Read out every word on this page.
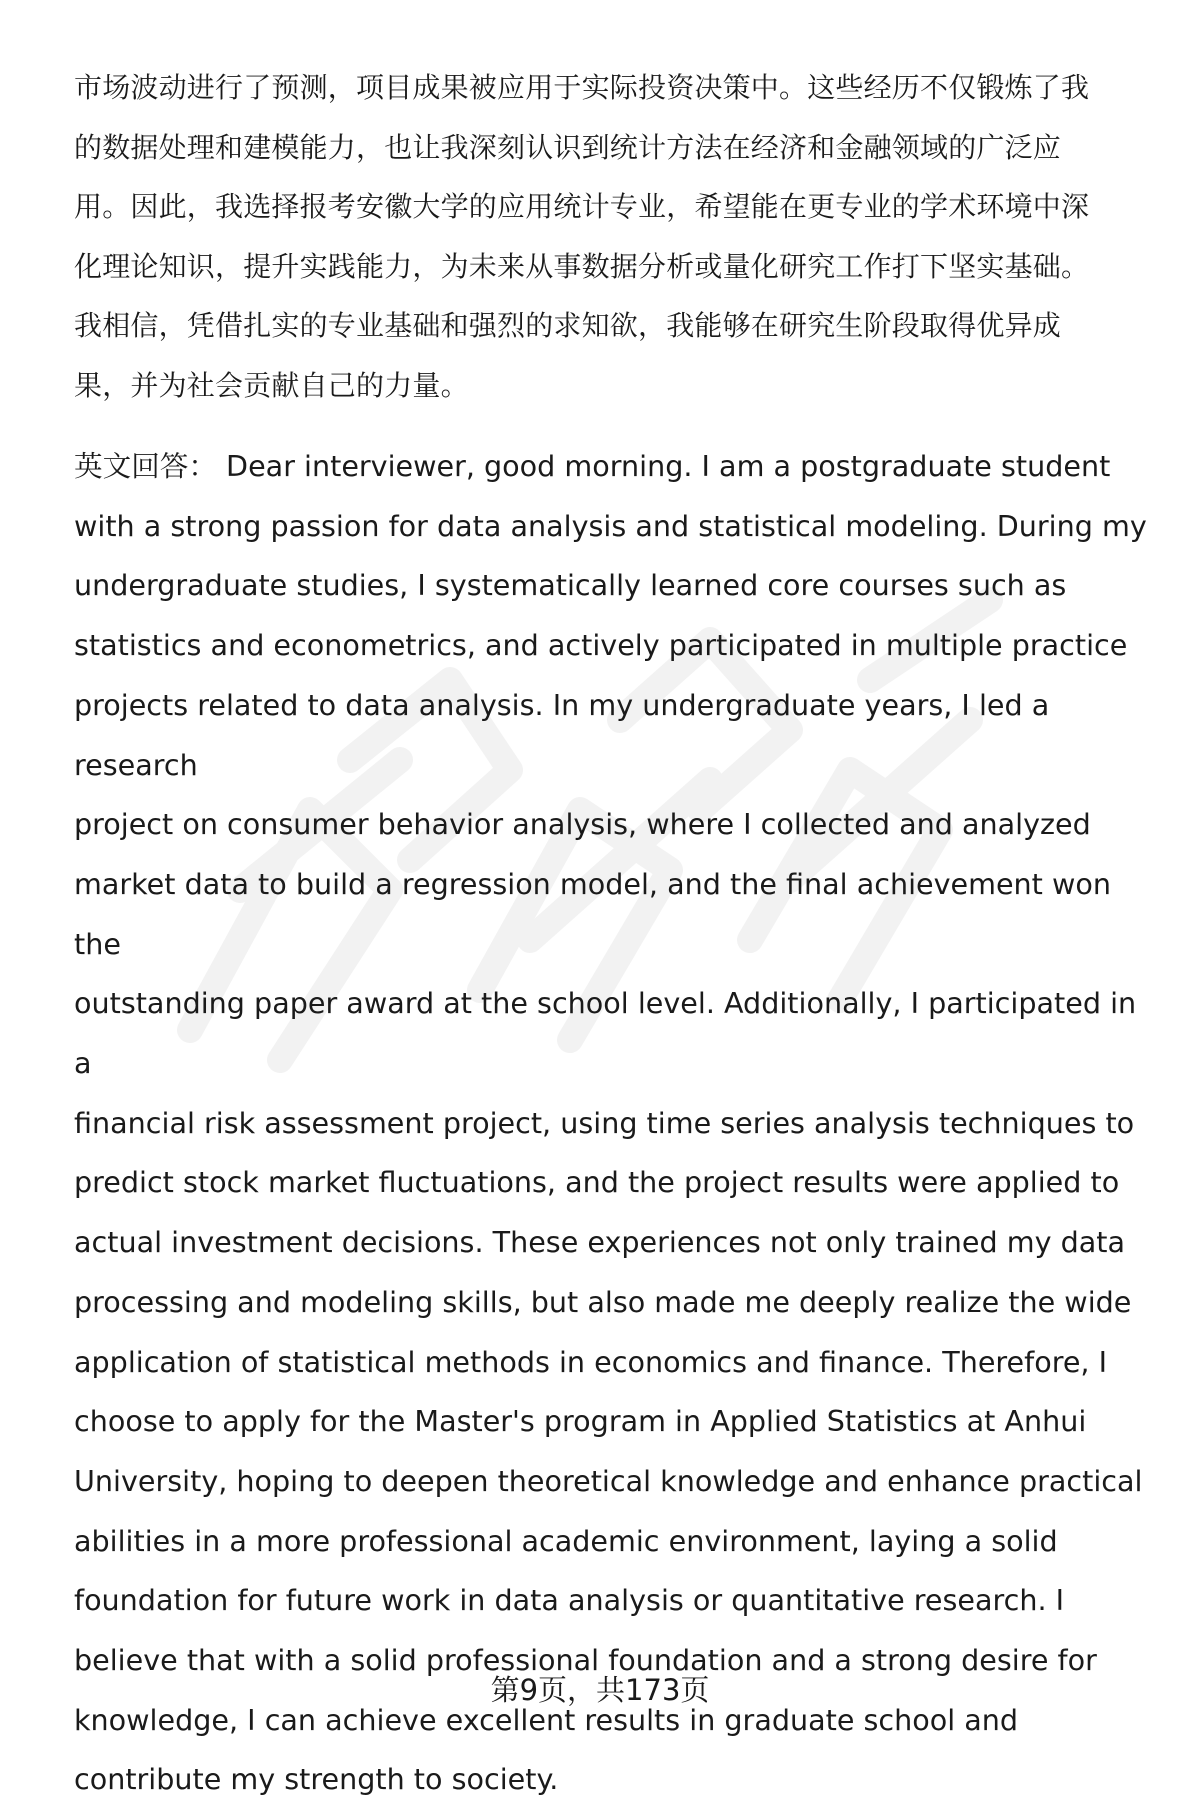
市场波动进行了预测，项目成果被应用于实际投资决策中。这些经历不仅锻炼了我
的数据处理和建模能力，也让我深刻认识到统计方法在经济和金融领域的广泛应
用。因此，我选择报考安徽大学的应用统计专业，希望能在更专业的学术环境中深
化理论知识，提升实践能力，为未来从事数据分析或量化研究工作打下坚实基础。
我相信，凭借扎实的专业基础和强烈的求知欲，我能够在研究生阶段取得优异成
果，并为社会贡献自己的力量。

英文回答： Dear interviewer, good morning. I am a postgraduate student
with a strong passion for data analysis and statistical modeling. During my
undergraduate studies, I systematically learned core courses such as
statistics and econometrics, and actively participated in multiple practice
projects related to data analysis. In my undergraduate years, I led a research
project on consumer behavior analysis, where I collected and analyzed
market data to build a regression model, and the final achievement won the
outstanding paper award at the school level. Additionally, I participated in a
financial risk assessment project, using time series analysis techniques to
predict stock market fluctuations, and the project results were applied to
actual investment decisions. These experiences not only trained my data
processing and modeling skills, but also made me deeply realize the wide
application of statistical methods in economics and finance. Therefore, I
choose to apply for the Master's program in Applied Statistics at Anhui
University, hoping to deepen theoretical knowledge and enhance practical
abilities in a more professional academic environment, laying a solid
foundation for future work in data analysis or quantitative research. I
believe that with a solid professional foundation and a strong desire for
knowledge, I can achieve excellent results in graduate school and
contribute my strength to society.

第9页，共173页
